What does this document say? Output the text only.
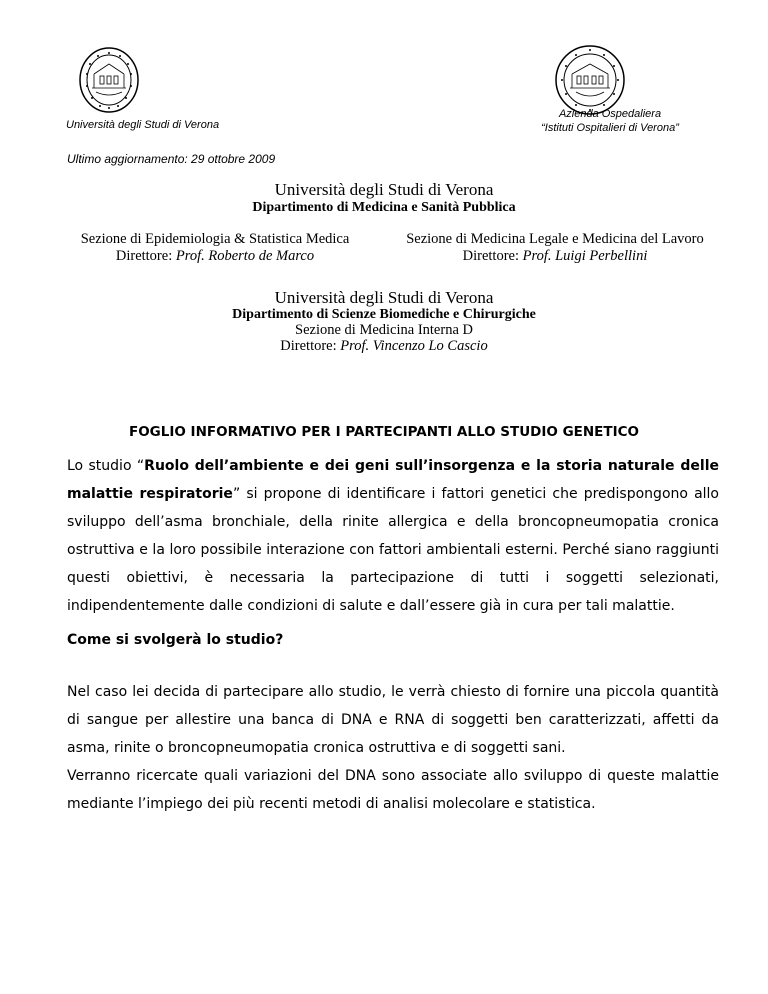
Università degli Studi di Verona
Azienda Ospedaliera
“Istituti Ospitalieri di Verona”
Ultimo aggiornamento: 29 ottobre 2009
Università degli Studi di Verona
Dipartimento di Medicina e Sanità Pubblica
Sezione di Epidemiologia & Statistica Medica
Direttore: Prof. Roberto de Marco
Sezione di Medicina Legale e Medicina del Lavoro
Direttore: Prof. Luigi Perbellini
Università degli Studi di Verona
Dipartimento di Scienze Biomediche e Chirurgiche
Sezione di Medicina Interna D
Direttore: Prof. Vincenzo Lo Cascio
FOGLIO INFORMATIVO PER I PARTECIPANTI ALLO STUDIO GENETICO
Lo studio “Ruolo dell’ambiente e dei geni sull’insorgenza e la storia naturale delle malattie respiratorie” si propone di identificare i fattori genetici che predispongono allo sviluppo dell’asma bronchiale, della rinite allergica e della broncopneumopatia cronica ostruttiva e la loro possibile interazione con fattori ambientali esterni. Perché siano raggiunti questi obiettivi, è necessaria la partecipazione di tutti i soggetti selezionati, indipendentemente dalle condizioni di salute e dall’essere già in cura per tali malattie.
Come si svolgerà lo studio?
Nel caso lei decida di partecipare allo studio, le verrà chiesto di fornire una piccola quantità di sangue per allestire una banca di DNA e RNA di soggetti ben caratterizzati, affetti da asma, rinite o broncopneumopatia cronica ostruttiva e di soggetti sani.
Verranno ricercate quali variazioni del DNA sono associate allo sviluppo di queste malattie mediante l’impiego dei più recenti metodi di analisi molecolare e statistica.
